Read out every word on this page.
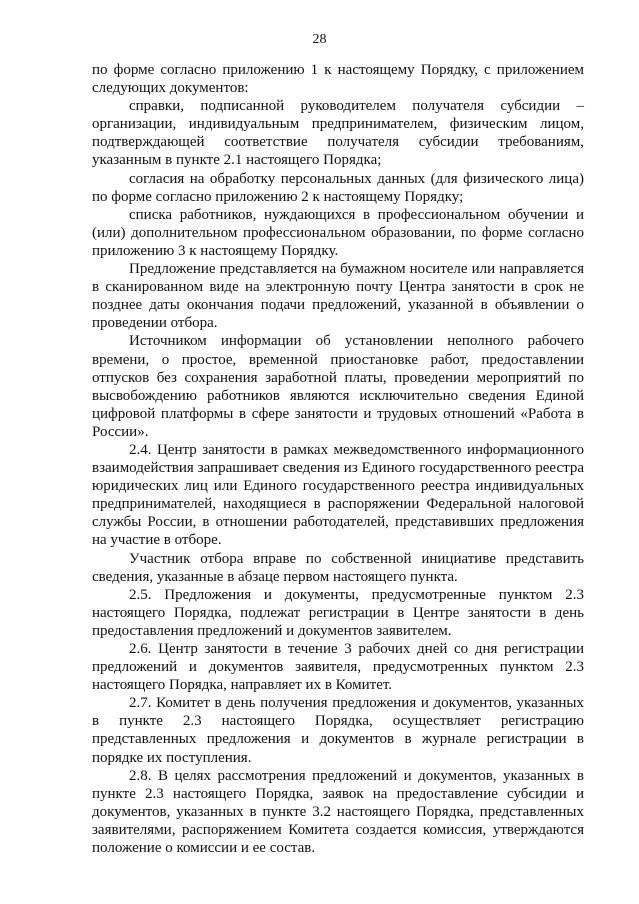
28

по форме согласно приложению 1 к настоящему Порядку, с приложением следующих документов:

справки, подписанной руководителем получателя субсидии – организации, индивидуальным предпринимателем, физическим лицом, подтверждающей соответствие получателя субсидии требованиям, указанным в пункте 2.1 настоящего Порядка;

согласия на обработку персональных данных (для физического лица) по форме согласно приложению 2 к настоящему Порядку;

списка работников, нуждающихся в профессиональном обучении и (или) дополнительном профессиональном образовании, по форме согласно приложению 3 к настоящему Порядку.

Предложение представляется на бумажном носителе или направляется в сканированном виде на электронную почту Центра занятости в срок не позднее даты окончания подачи предложений, указанной в объявлении о проведении отбора.

Источником информации об установлении неполного рабочего времени, о простое, временной приостановке работ, предоставлении отпусков без сохранения заработной платы, проведении мероприятий по высвобождению работников являются исключительно сведения Единой цифровой платформы в сфере занятости и трудовых отношений «Работа в России».

2.4. Центр занятости в рамках межведомственного информационного взаимодействия запрашивает сведения из Единого государственного реестра юридических лиц или Единого государственного реестра индивидуальных предпринимателей, находящиеся в распоряжении Федеральной налоговой службы России, в отношении работодателей, представивших предложения на участие в отборе.

Участник отбора вправе по собственной инициативе представить сведения, указанные в абзаце первом настоящего пункта.

2.5. Предложения и документы, предусмотренные пунктом 2.3 настоящего Порядка, подлежат регистрации в Центре занятости в день предоставления предложений и документов заявителем.

2.6. Центр занятости в течение 3 рабочих дней со дня регистрации предложений и документов заявителя, предусмотренных пунктом 2.3 настоящего Порядка, направляет их в Комитет.

2.7. Комитет в день получения предложения и документов, указанных в пункте 2.3 настоящего Порядка, осуществляет регистрацию представленных предложения и документов в журнале регистрации в порядке их поступления.

2.8. В целях рассмотрения предложений и документов, указанных в пункте 2.3 настоящего Порядка, заявок на предоставление субсидии и документов, указанных в пункте 3.2 настоящего Порядка, представленных заявителями, распоряжением Комитета создается комиссия, утверждаются положение о комиссии и ее состав.
